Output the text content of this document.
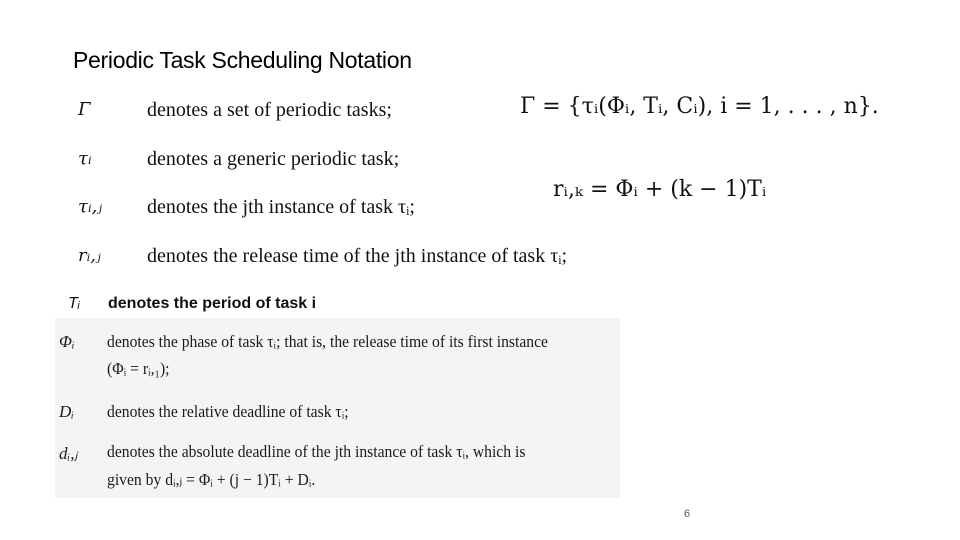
Periodic Task Scheduling Notation
Γ	denotes a set of periodic tasks;
τᵢ	denotes a generic periodic task;
τᵢ,ⱼ denotes the jth instance of task τᵢ;
rᵢ,ⱼ denotes the release time of the jth instance of task τᵢ;
Γ = {τᵢ(Φᵢ, Tᵢ, Cᵢ), i = 1, . . . , n}.
rᵢ,ₖ = Φᵢ + (k − 1)Tᵢ
Tᵢ denotes the period of task i
Φᵢ denotes the phase of task τᵢ; that is, the release time of its first instance
(Φᵢ = rᵢ,₁);
Dᵢ denotes the relative deadline of task τᵢ;
dᵢ,ⱼ denotes the absolute deadline of the jth instance of task τᵢ, which is
given by dᵢ,ⱼ = Φᵢ + (j − 1)Tᵢ + Dᵢ.
6
